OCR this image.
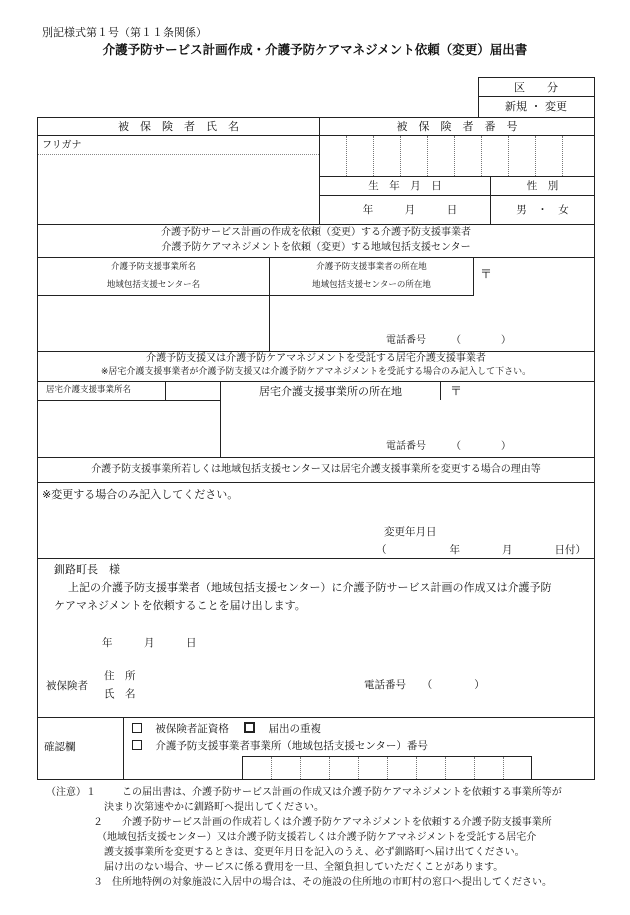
別記様式第１号（第１１条関係）
介護予防サービス計画作成・介護予防ケアマネジメント依頼（変更）届出書
区　　分
新規 ・ 変更
被　保　険　者　氏　名	被　保　険　者　番　号
フリガナ
生　年　月　日	性　別
年　　　月　　　日	男　・　女
介護予防サービス計画の作成を依頼（変更）する介護予防支援事業者
介護予防ケアマネジメントを依頼（変更）する地域包括支援センター
介護予防支援事業所名
地域包括支援センター名
介護予防支援事業者の所在地
地域包括支援センターの所在地
〒
電話番号　　　（　　　　）
介護予防支援又は介護予防ケアマネジメントを受託する居宅介護支援事業者
※居宅介護支援事業者が介護予防支援又は介護予防ケアマネジメントを受託する場合のみ記入して下さい。
居宅介護支援事業所名	居宅介護支援事業所の所在地	〒
電話番号　　　（　　　　）
介護予防支援事業所若しくは地域包括支援センター又は居宅介護支援事業所を変更する場合の理由等
※変更する場合のみ記入してください。
変更年月日
（　　　　　　年　　　　月　　　　日付）
釧路町長　様
上記の介護予防支援事業者（地域包括支援センター）に介護予防サービス計画の作成又は介護予防
ケアマネジメントを依頼することを届け出します。
年　　　月　　　日
被保険者
住　所
氏　名
電話番号　　（　　　　）
確認欄
被保険者証資格	届出の重複
介護予防支援事業者事業所（地域包括支援センター）番号
（注意）１	この届出書は、介護予防サービス計画の作成又は介護予防ケアマネジメントを依頼する事業所等が
決まり次第速やかに釧路町へ提出してください。
２ 介護予防サービス計画の作成若しくは介護予防ケアマネジメントを依頼する介護予防支援事業所
（地域包括支援センター）又は介護予防支援若しくは介護予防ケアマネジメントを受託する居宅介
護支援事業所を変更するときは、変更年月日を記入のうえ、必ず釧路町へ届け出てください。
届け出のない場合、サービスに係る費用を一旦、全額負担していただくことがあります。
３ 住所地特例の対象施設に入居中の場合は、その施設の住所地の市町村の窓口へ提出してください。
